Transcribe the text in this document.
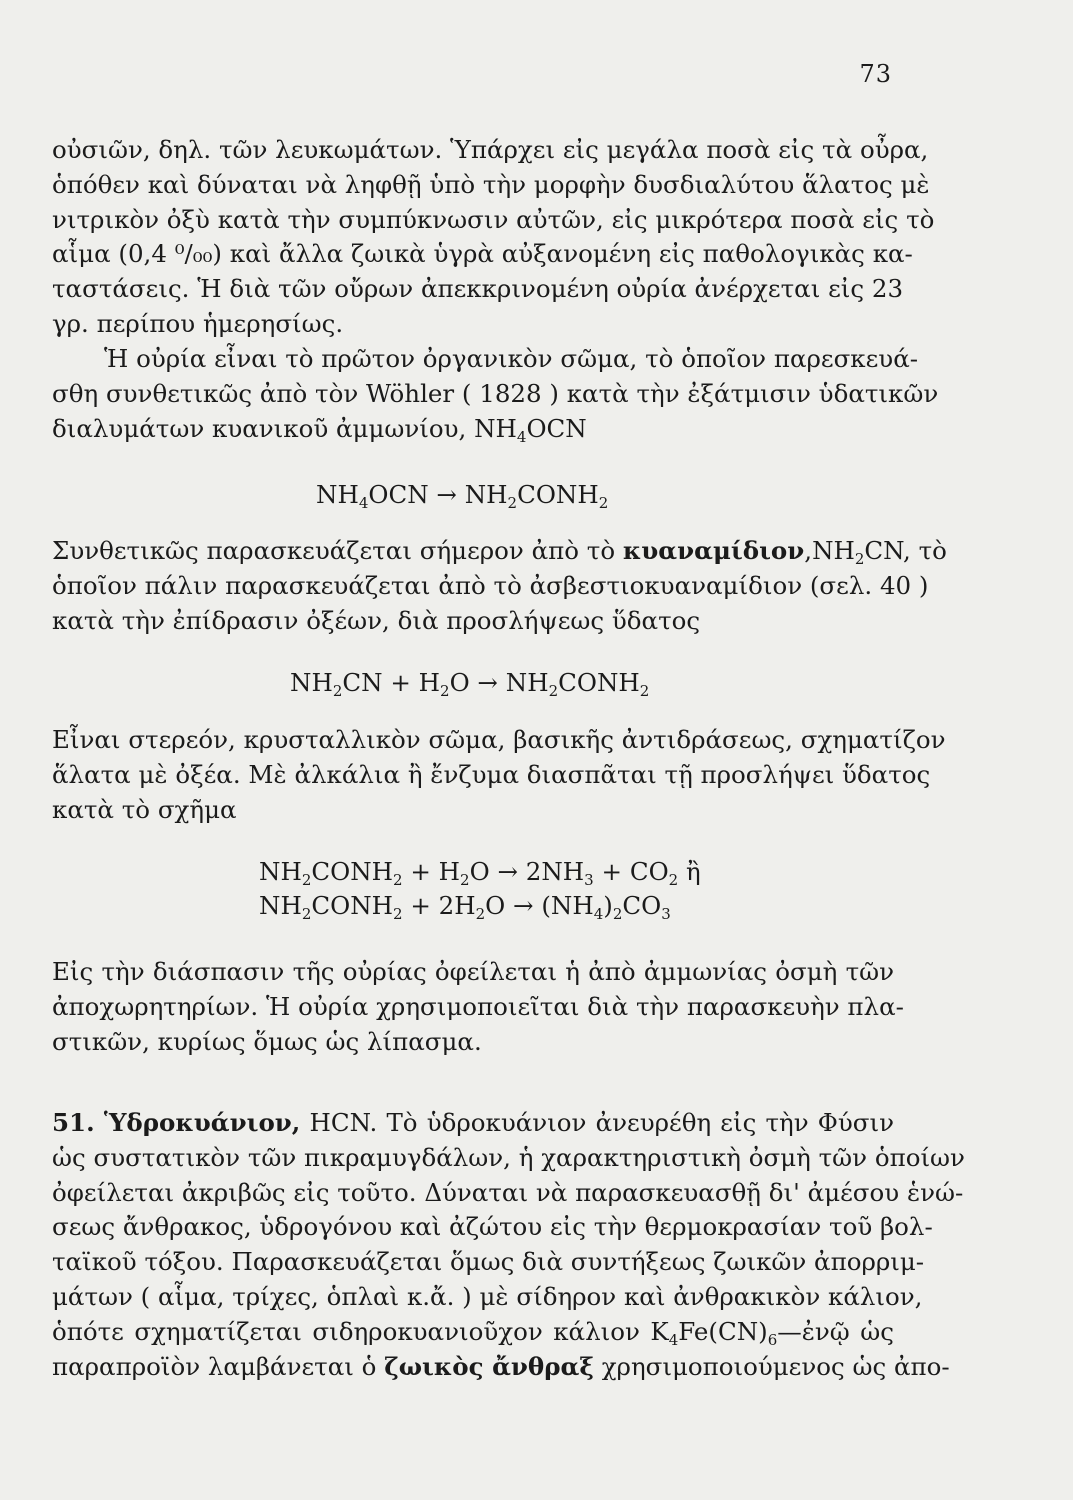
73
οὐσιῶν, δηλ. τῶν λευκωμάτων. Ὑπάρχει εἰς μεγάλα ποσὰ εἰς τὰ οὖρα,
ὁπόθεν καὶ δύναται νὰ ληφθῇ ὑπὸ τὴν μορφὴν δυσδιαλύτου ἅλατος μὲ
νιτρικὸν ὀξὺ κατὰ τὴν συμπύκνωσιν αὐτῶν, εἰς μικρότερα ποσὰ εἰς τὸ
αἷμα (0,4 ⁰/₀₀) καὶ ἄλλα ζωικὰ ὑγρὰ αὐξανομένη εἰς παθολογικὰς κα-
ταστάσεις. Ἡ διὰ τῶν οὔρων ἀπεκκρινομένη οὐρία ἀνέρχεται εἰς 23
γρ. περίπου ἡμερησίως.
Ἡ οὐρία εἶναι τὸ πρῶτον ὀργανικὸν σῶμα, τὸ ὁποῖον παρεσκευά-
σθη συνθετικῶς ἀπὸ τὸν Wöhler ( 1828 ) κατὰ τὴν ἐξάτμισιν ὑδατικῶν
διαλυμάτων κυανικοῦ ἀμμωνίου, $NH_4OCN$
$NH_4OCN$ → $NH_2CONH_2$
Συνθετικῶς παρασκευάζεται σήμερον ἀπὸ τὸ $\kappa\upsilon\alpha\nu\alpha\mu ί\delta\iota o\nu,NH_2CN$, τὸ
ὁποῖον πάλιν παρασκευάζεται ἀπὸ τὸ ἀσβεστιοκυαναμίδιον (σελ. 40 )
κατὰ τὴν ἐπίδρασιν ὀξέων, διὰ προσλήψεως ὕδατος
$NH_2CN + H_2O$ → $NH_2CONH_2$
Εἶναι στερεόν, κρυσταλλικὸν σῶμα, βασικῆς ἀντιδράσεως, σχηματίζον
ἅλατα μὲ ὀξέα. Μὲ ἀλκάλια ἢ ἔνζυμα διασπᾶται τῇ προσλήψει ὕδατος
κατὰ τὸ σχῆμα
$NH_2CONH_2 + H_2O \to 2NH_3 + CO_2$ ἢ
$NH_2CONH_2 + 2H_2O \to (NH_4)_2CO_3$
Εἰς τὴν διάσπασιν τῆς οὐρίας ὀφείλεται ἡ ἀπὸ ἀμμωνίας ὀσμὴ τῶν
ἀποχωρητηρίων. Ἡ οὐρία χρησιμοποιεῖται διὰ τὴν παρασκευὴν πλα-
στικῶν, κυρίως ὅμως ὡς λίπασμα.
51. Ὑδροκυάνιον, HCN. Τὸ ὑδροκυάνιον ἀνευρέθη εἰς τὴν Φύσιν
ὡς συστατικὸν τῶν πικραμυγδάλων, ἡ χαρακτηριστικὴ ὀσμὴ τῶν ὁποίων
ὀφείλεται ἀκριβῶς εἰς τοῦτο. Δύναται νὰ παρασκευασθῇ δι' ἀμέσου ἑνώ-
σεως ἄνθρακος, ὑδρογόνου καὶ ἀζώτου εἰς τὴν θερμοκρασίαν τοῦ βολ-
ταϊκοῦ τόξου. Παρασκευάζεται ὅμως διὰ συντήξεως ζωικῶν ἀπορριμ-
μάτων ( αἷμα, τρίχες, ὁπλαὶ κ.ἄ. ) μὲ σίδηρον καὶ ἀνθρακικὸν κάλιον,
ὁπότε σχηματίζεται σιδηροκυανιοῦχον κάλιον $K_4Fe(CN)_6—ἐ\nu ῷ$ ὡς
παραπροϊὸν λαμβάνεται ὁ ζωικὸς ἄνθραξ χρησιμοποιούμενος ὡς ἀπο-
